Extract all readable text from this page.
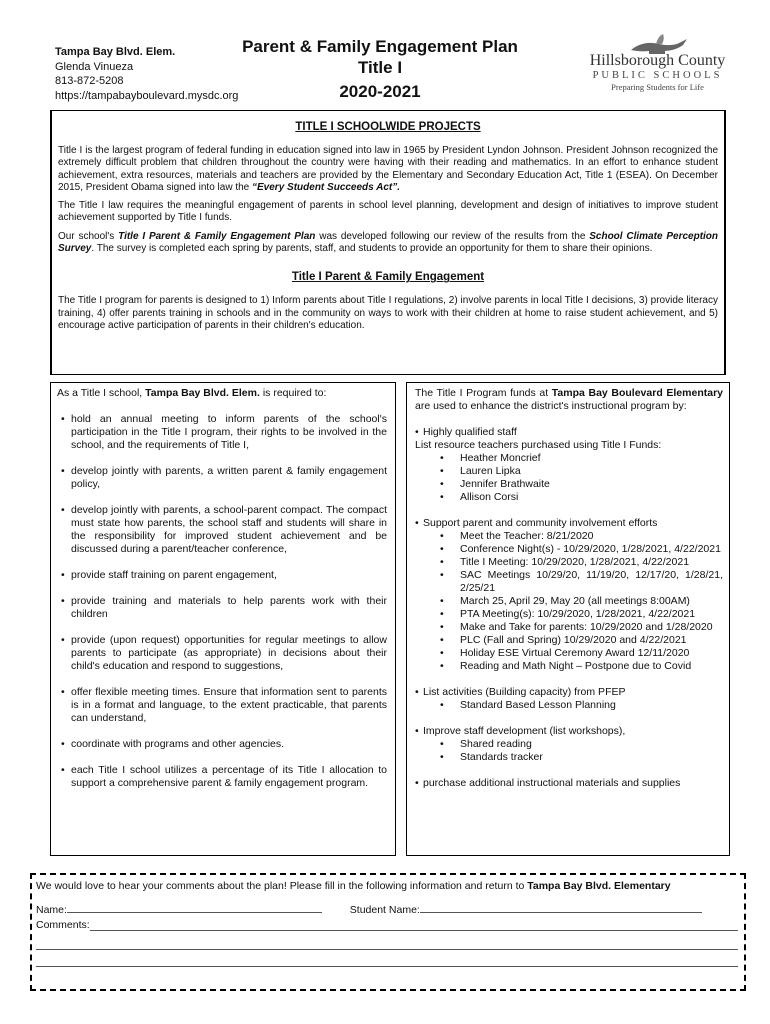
Tampa Bay Blvd. Elem.
Glenda Vinueza
813-872-5208
https://tampabayboulevard.mysdc.org
Parent & Family Engagement Plan
Title I
2020-2021
Hillsborough County
PUBLIC SCHOOLS
Preparing Students for Life
TITLE I SCHOOLWIDE PROJECTS

Title I is the largest program of federal funding in education signed into law in 1965 by President Lyndon Johnson. President Johnson recognized the extremely difficult problem that children throughout the country were having with their reading and mathematics. In an effort to enhance student achievement, extra resources, materials and teachers are provided by the Elementary and Secondary Education Act, Title 1 (ESEA). On December 2015, President Obama signed into law the “Every Student Succeeds Act”.

The Title I law requires the meaningful engagement of parents in school level planning, development and design of initiatives to improve student achievement supported by Title I funds.

Our school's Title I Parent & Family Engagement Plan was developed following our review of the results from the School Climate Perception Survey. The survey is completed each spring by parents, staff, and students to provide an opportunity for them to share their opinions.

Title I Parent & Family Engagement

The Title I program for parents is designed to 1) Inform parents about Title I regulations, 2) involve parents in local Title I decisions, 3) provide literacy training, 4) offer parents training in schools and in the community on ways to work with their children at home to raise student achievement, and 5) encourage active participation of parents in their children's education.

As a Title I school, Tampa Bay Blvd. Elem. is required to:
• hold an annual meeting to inform parents of the school's participation in the Title I program, their rights to be involved in the school, and the requirements of Title I,
• develop jointly with parents, a written parent & family engagement policy,
• develop jointly with parents, a school-parent compact. The compact must state how parents, the school staff and students will share in the responsibility for improved student achievement and be discussed during a parent/teacher conference,
• provide staff training on parent engagement,
• provide training and materials to help parents work with their children
• provide (upon request) opportunities for regular meetings to allow parents to participate (as appropriate) in decisions about their child's education and respond to suggestions,
• offer flexible meeting times. Ensure that information sent to parents is in a format and language, to the extent practicable, that parents can understand,
• coordinate with programs and other agencies.
• each Title I school utilizes a percentage of its Title I allocation to support a comprehensive parent & family engagement program.
The Title I Program funds at Tampa Bay Boulevard Elementary are used to enhance the district's instructional program by:
• Highly qualified staff
List resource teachers purchased using Title I Funds:
• Heather Moncrief
• Lauren Lipka
• Jennifer Brathwaite
• Allison Corsi
• Support parent and community involvement efforts
• Meet the Teacher: 8/21/2020
• Conference Night(s) - 10/29/2020, 1/28/2021, 4/22/2021
• Title I Meeting: 10/29/2020, 1/28/2021, 4/22/2021
• SAC Meetings 10/29/20, 11/19/20, 12/17/20, 1/28/21, 2/25/21
• March 25, April 29, May 20 (all meetings 8:00AM)
• PTA Meeting(s): 10/29/2020, 1/28/2021, 4/22/2021
• Make and Take for parents: 10/29/2020 and 1/28/2020
• PLC (Fall and Spring) 10/29/2020 and 4/22/2021
• Holiday ESE Virtual Ceremony Award 12/11/2020
• Reading and Math Night – Postpone due to Covid
• List activities (Building capacity) from PFEP
• Standard Based Lesson Planning
• Improve staff development (list workshops),
• Shared reading
• Standards tracker
• purchase additional instructional materials and supplies
We would love to hear your comments about the plan! Please fill in the following information and return to Tampa Bay Blvd. Elementary
Name:	Student Name:
Comments:
